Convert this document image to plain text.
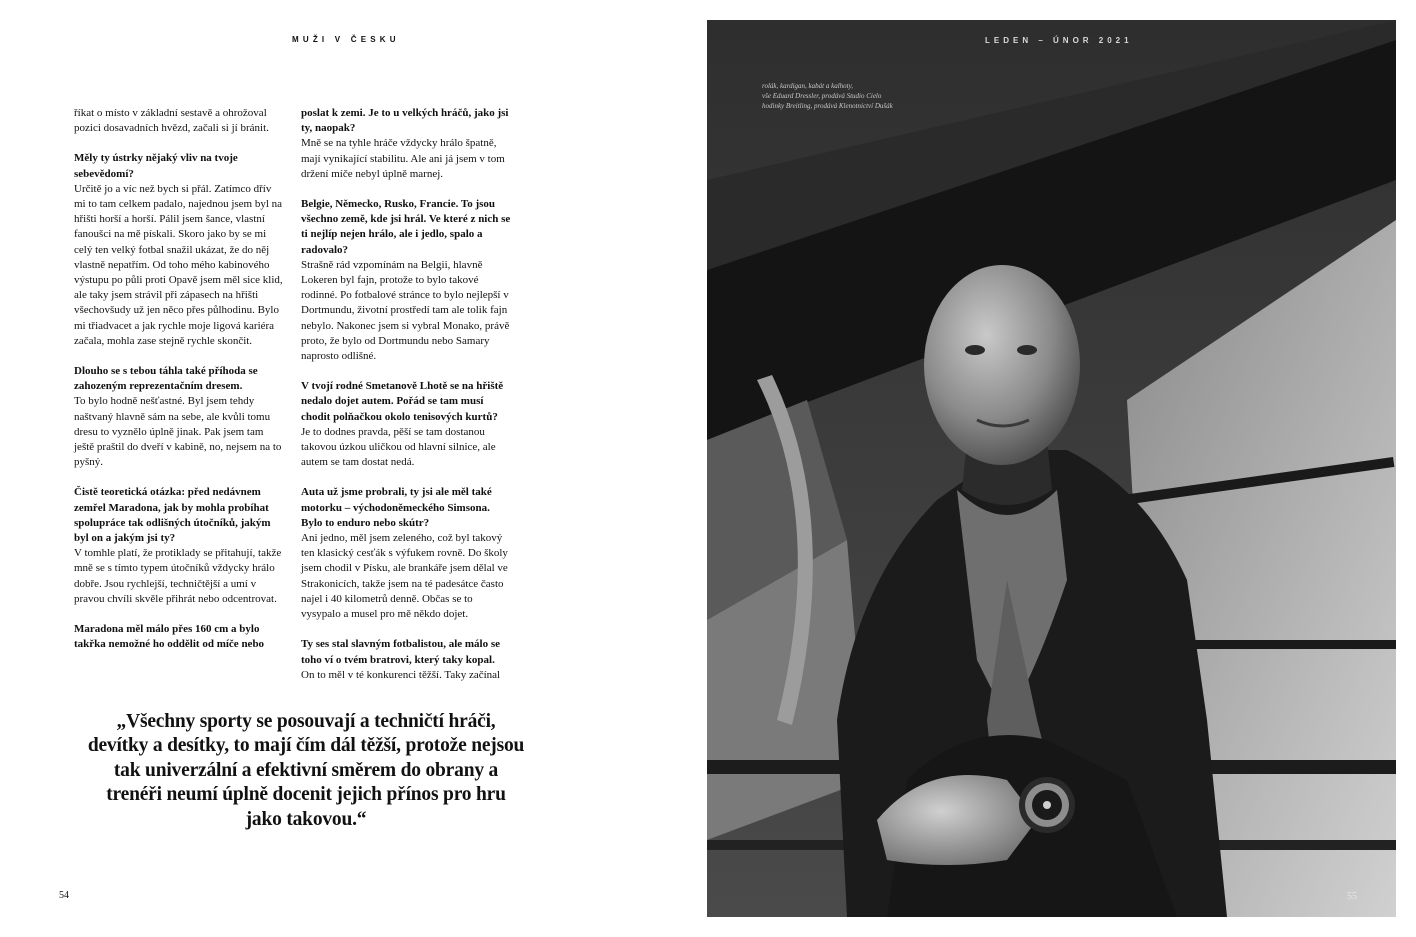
MUŽI V ČESKU

říkat o místo v základní sestavě a ohrožoval pozici dosavadních hvězd, začali si jí bránit.

Měly ty ústrky nějaký vliv na tvoje sebevědomí?
Určitě jo a víc než bych si přál. Zatímco dřív mi to tam celkem padalo, najednou jsem byl na hřišti horší a horší. Pálil jsem šance, vlastní fanoušci na mě pískali. Skoro jako by se mi celý ten velký fotbal snažil ukázat, že do něj vlastně nepatřím. Od toho mého kabinového výstupu po půli proti Opavě jsem měl sice klid, ale taky jsem strávil při zápasech na hřišti všechovšudy už jen něco přes půlhodinu. Bylo mi třiadvacet a jak rychle moje ligová kariéra začala, mohla zase stejně rychle skončit.

Dlouho se s tebou táhla také příhoda se zahozeným reprezentačním dresem.
To bylo hodně nešťastné. Byl jsem tehdy naštvaný hlavně sám na sebe, ale kvůli tomu dresu to vyznělo úplně jinak. Pak jsem tam ještě praštil do dveří v kabině, no, nejsem na to pyšný.

Čistě teoretická otázka: před nedávnem zemřel Maradona, jak by mohla probíhat spolupráce tak odlišných útočníků, jakým byl on a jakým jsi ty?
V tomhle platí, že protiklady se přitahují, takže mně se s tímto typem útočníků vždycky hrálo dobře. Jsou rychlejší, techničtější a umí v pravou chvíli skvěle přihrát nebo odcentrovat.

Maradona měl málo přes 160 cm a bylo takřka nemožné ho oddělit od míče nebo

poslat k zemi. Je to u velkých hráčů, jako jsi ty, naopak?
Mně se na tyhle hráče vždycky hrálo špatně, mají vynikající stabilitu. Ale ani já jsem v tom držení míče nebyl úplně marnej.

Belgie, Německo, Rusko, Francie. To jsou všechno země, kde jsi hrál. Ve které z nich se ti nejlíp nejen hrálo, ale i jedlo, spalo a radovalo?
Strašně rád vzpomínám na Belgii, hlavně Lokeren byl fajn, protože to bylo takové rodinné. Po fotbalové stránce to bylo nejlepší v Dortmundu, životní prostředí tam ale tolik fajn nebylo. Nakonec jsem si vybral Monako, právě proto, že bylo od Dortmundu nebo Samary naprosto odlišné.

V tvojí rodné Smetanově Lhotě se na hřiště nedalo dojet autem. Pořád se tam musí chodit polňačkou okolo tenisových kurtů?
Je to dodnes pravda, pěší se tam dostanou takovou úzkou uličkou od hlavní silnice, ale autem se tam dostat nedá.

Auta už jsme probrali, ty jsi ale měl také motorku – východoněmeckého Simsona. Bylo to enduro nebo skútr?
Ani jedno, měl jsem zeleného, což byl takový ten klasický cesťák s výfukem rovně. Do školy jsem chodil v Písku, ale brankáře jsem dělal ve Strakonicích, takže jsem na té padesátce často najel i 40 kilometrů denně. Občas se to vysypalo a musel pro mě někdo dojet.

Ty ses stal slavným fotbalistou, ale málo se toho ví o tvém bratrovi, který taky kopal.
On to měl v té konkurenci těžší. Taky začínal

„Všechny sporty se posouvají a techničtí hráči, devítky a desítky, to mají čím dál těžší, protože nejsou tak univerzální a efektivní směrem do obrany a trenéři neumí úplně docenit jejich přínos pro hru jako takovou.“
54
LEDEN – ÚNOR 2021
rolák, kardigan, kabát a kalhoty,
vše Eduard Dressler, prodává Studio Cielo
hodinky Breitling, prodává Klenotnictví Dušák
55
